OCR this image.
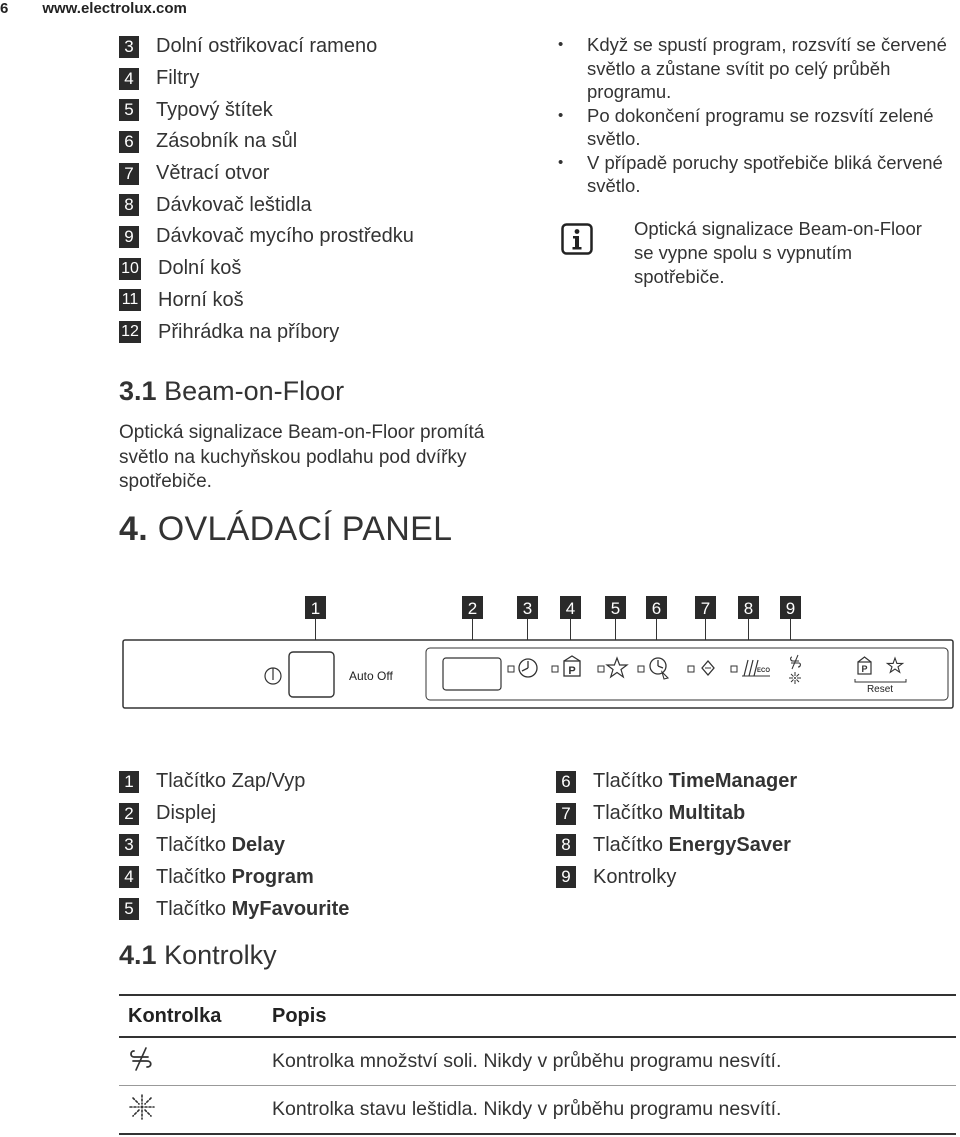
6 www.electrolux.com
3 Dolní ostřikovací rameno
4 Filtry
5 Typový štítek
6 Zásobník na sůl
7 Větrací otvor
8 Dávkovač leštidla
9 Dávkovač mycího prostředku
10 Dolní koš
11 Horní koš
12 Přihrádka na příbory
• Když se spustí program, rozsvítí se červené světlo a zůstane svítit po celý průběh programu.
• Po dokončení programu se rozsvítí zelené světlo.
• V případě poruchy spotřebiče bliká červené světlo.
Optická signalizace Beam-on-Floor se vypne spolu s vypnutím spotřebiče.
3.1 Beam-on-Floor
Optická signalizace Beam-on-Floor promítá světlo na kuchyňskou podlahu pod dvířky spotřebiče.
4. OVLÁDACÍ PANEL
1	2	3 4 5 6 7 8 9
Auto Off	P	ECO	P
Reset
1 Tlačítko Zap/Vyp
2 Displej
3 Tlačítko Delay
4 Tlačítko Program
5 Tlačítko MyFavourite
6 Tlačítko TimeManager
7 Tlačítko Multitab
8 Tlačítko EnergySaver
9 Kontrolky
4.1 Kontrolky
Kontrolka	Popis
Kontrolka množství soli. Nikdy v průběhu programu nesvítí.
Kontrolka stavu leštidla. Nikdy v průběhu programu nesvítí.
